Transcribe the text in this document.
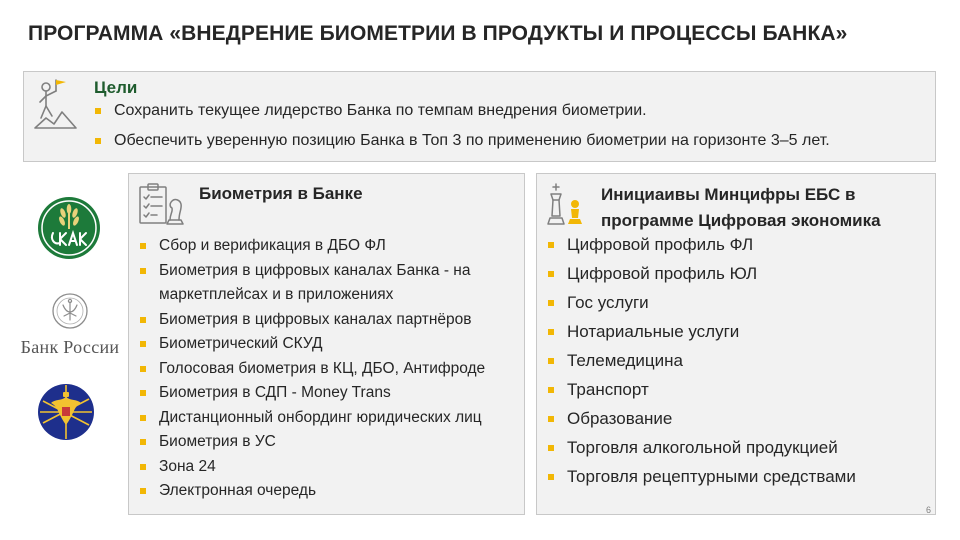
ПРОГРАММА «ВНЕДРЕНИЕ БИОМЕТРИИ В ПРОДУКТЫ И ПРОЦЕССЫ БАНКА»
Цели
Сохранить текущее лидерство Банка по темпам внедрения биометрии.
Обеспечить уверенную позицию Банка в Топ 3 по применению биометрии на горизонте 3–5 лет.
Банк России
Биометрия в Банке
Сбор и верификация в ДБО ФЛ
Биометрия в цифровых каналах Банка - на маркетплейсах и в приложениях
Биометрия в цифровых каналах партнёров
Биометрический СКУД
Голосовая биометрия в КЦ, ДБО, Антифроде
Биометрия в СДП - Money Trans
Дистанционный онбординг юридических лиц
Биометрия в УС
Зона 24
Электронная очередь
Инициаивы Минцифры ЕБС в программе Цифровая экономика
Цифровой профиль ФЛ
Цифровой профиль ЮЛ
Гос услуги
Нотариальные услуги
Телемедицина
Транспорт
Образование
Торговля алкогольной продукцией
Торговля рецептурными средствами
6
